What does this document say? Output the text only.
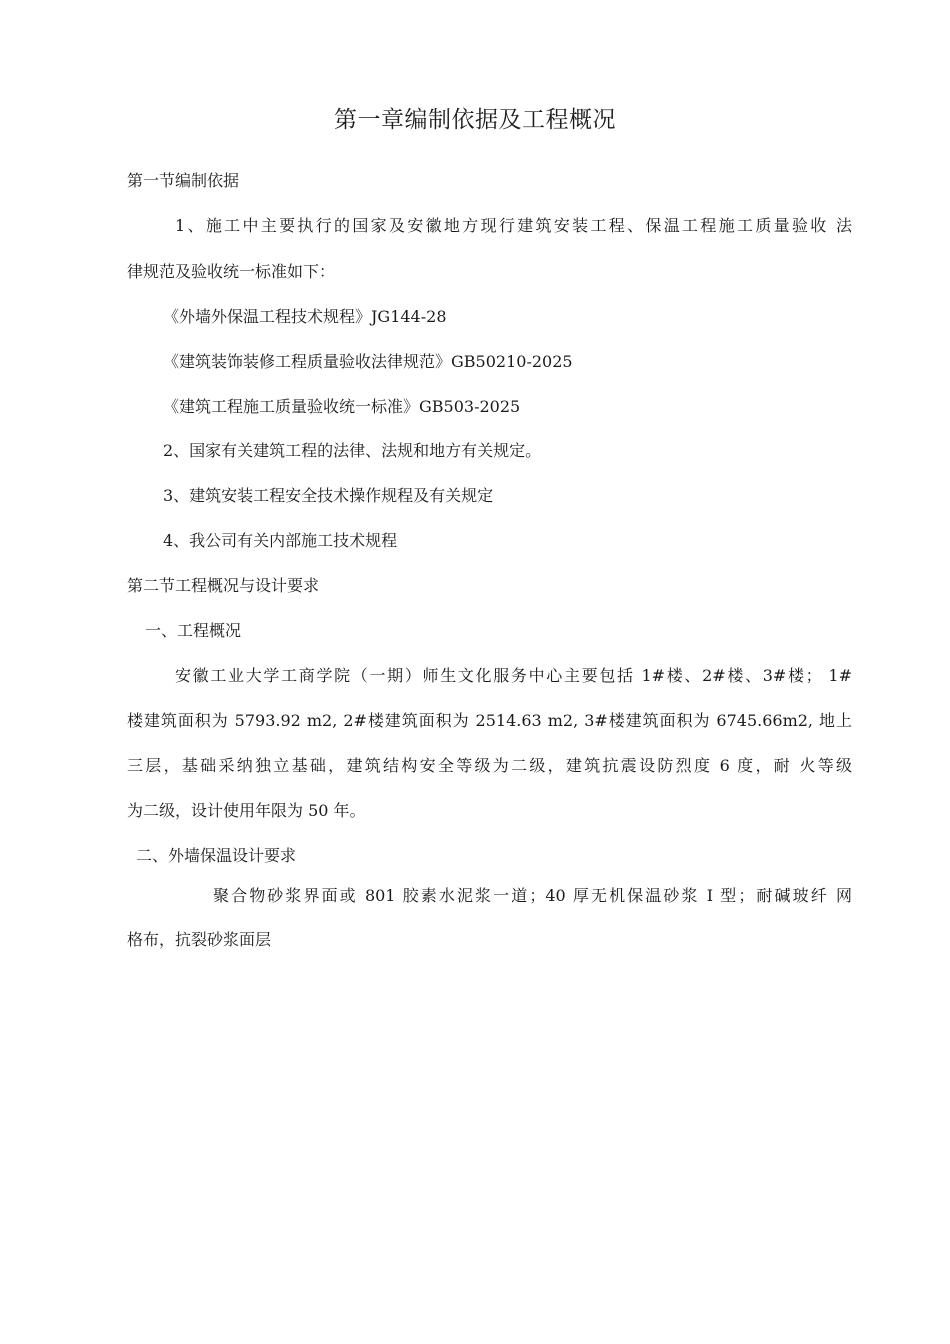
第一章编制依据及工程概况
第一节编制依据
1、施工中主要执行的国家及安徽地方现行建筑安装工程、保温工程施工质量验收 法
律规范及验收统一标准如下：
《外墙外保温工程技术规程》JG144-28
《建筑装饰装修工程质量验收法律规范》GB50210-2025
《建筑工程施工质量验收统一标准》GB503-2025
2、国家有关建筑工程的法律、法规和地方有关规定。
3、建筑安装工程安全技术操作规程及有关规定
4、我公司有关内部施工技术规程
第二节工程概况与设计要求
一、工程概况
安徽工业大学工商学院（一期）师生文化服务中心主要包括 1#楼、2#楼、3#楼； 1#
楼建筑面积为 5793.92 m2, 2#楼建筑面积为 2514.63 m2, 3#楼建筑面积为 6745.66m2, 地上
三层，基础采纳独立基础，建筑结构安全等级为二级，建筑抗震设防烈度 6 度，耐 火等级
为二级，设计使用年限为 50 年。
二、外墙保温设计要求
聚合物砂浆界面或 801 胶素水泥浆一道；40 厚无机保温砂浆 I 型；耐碱玻纤 网
格布，抗裂砂浆面层
